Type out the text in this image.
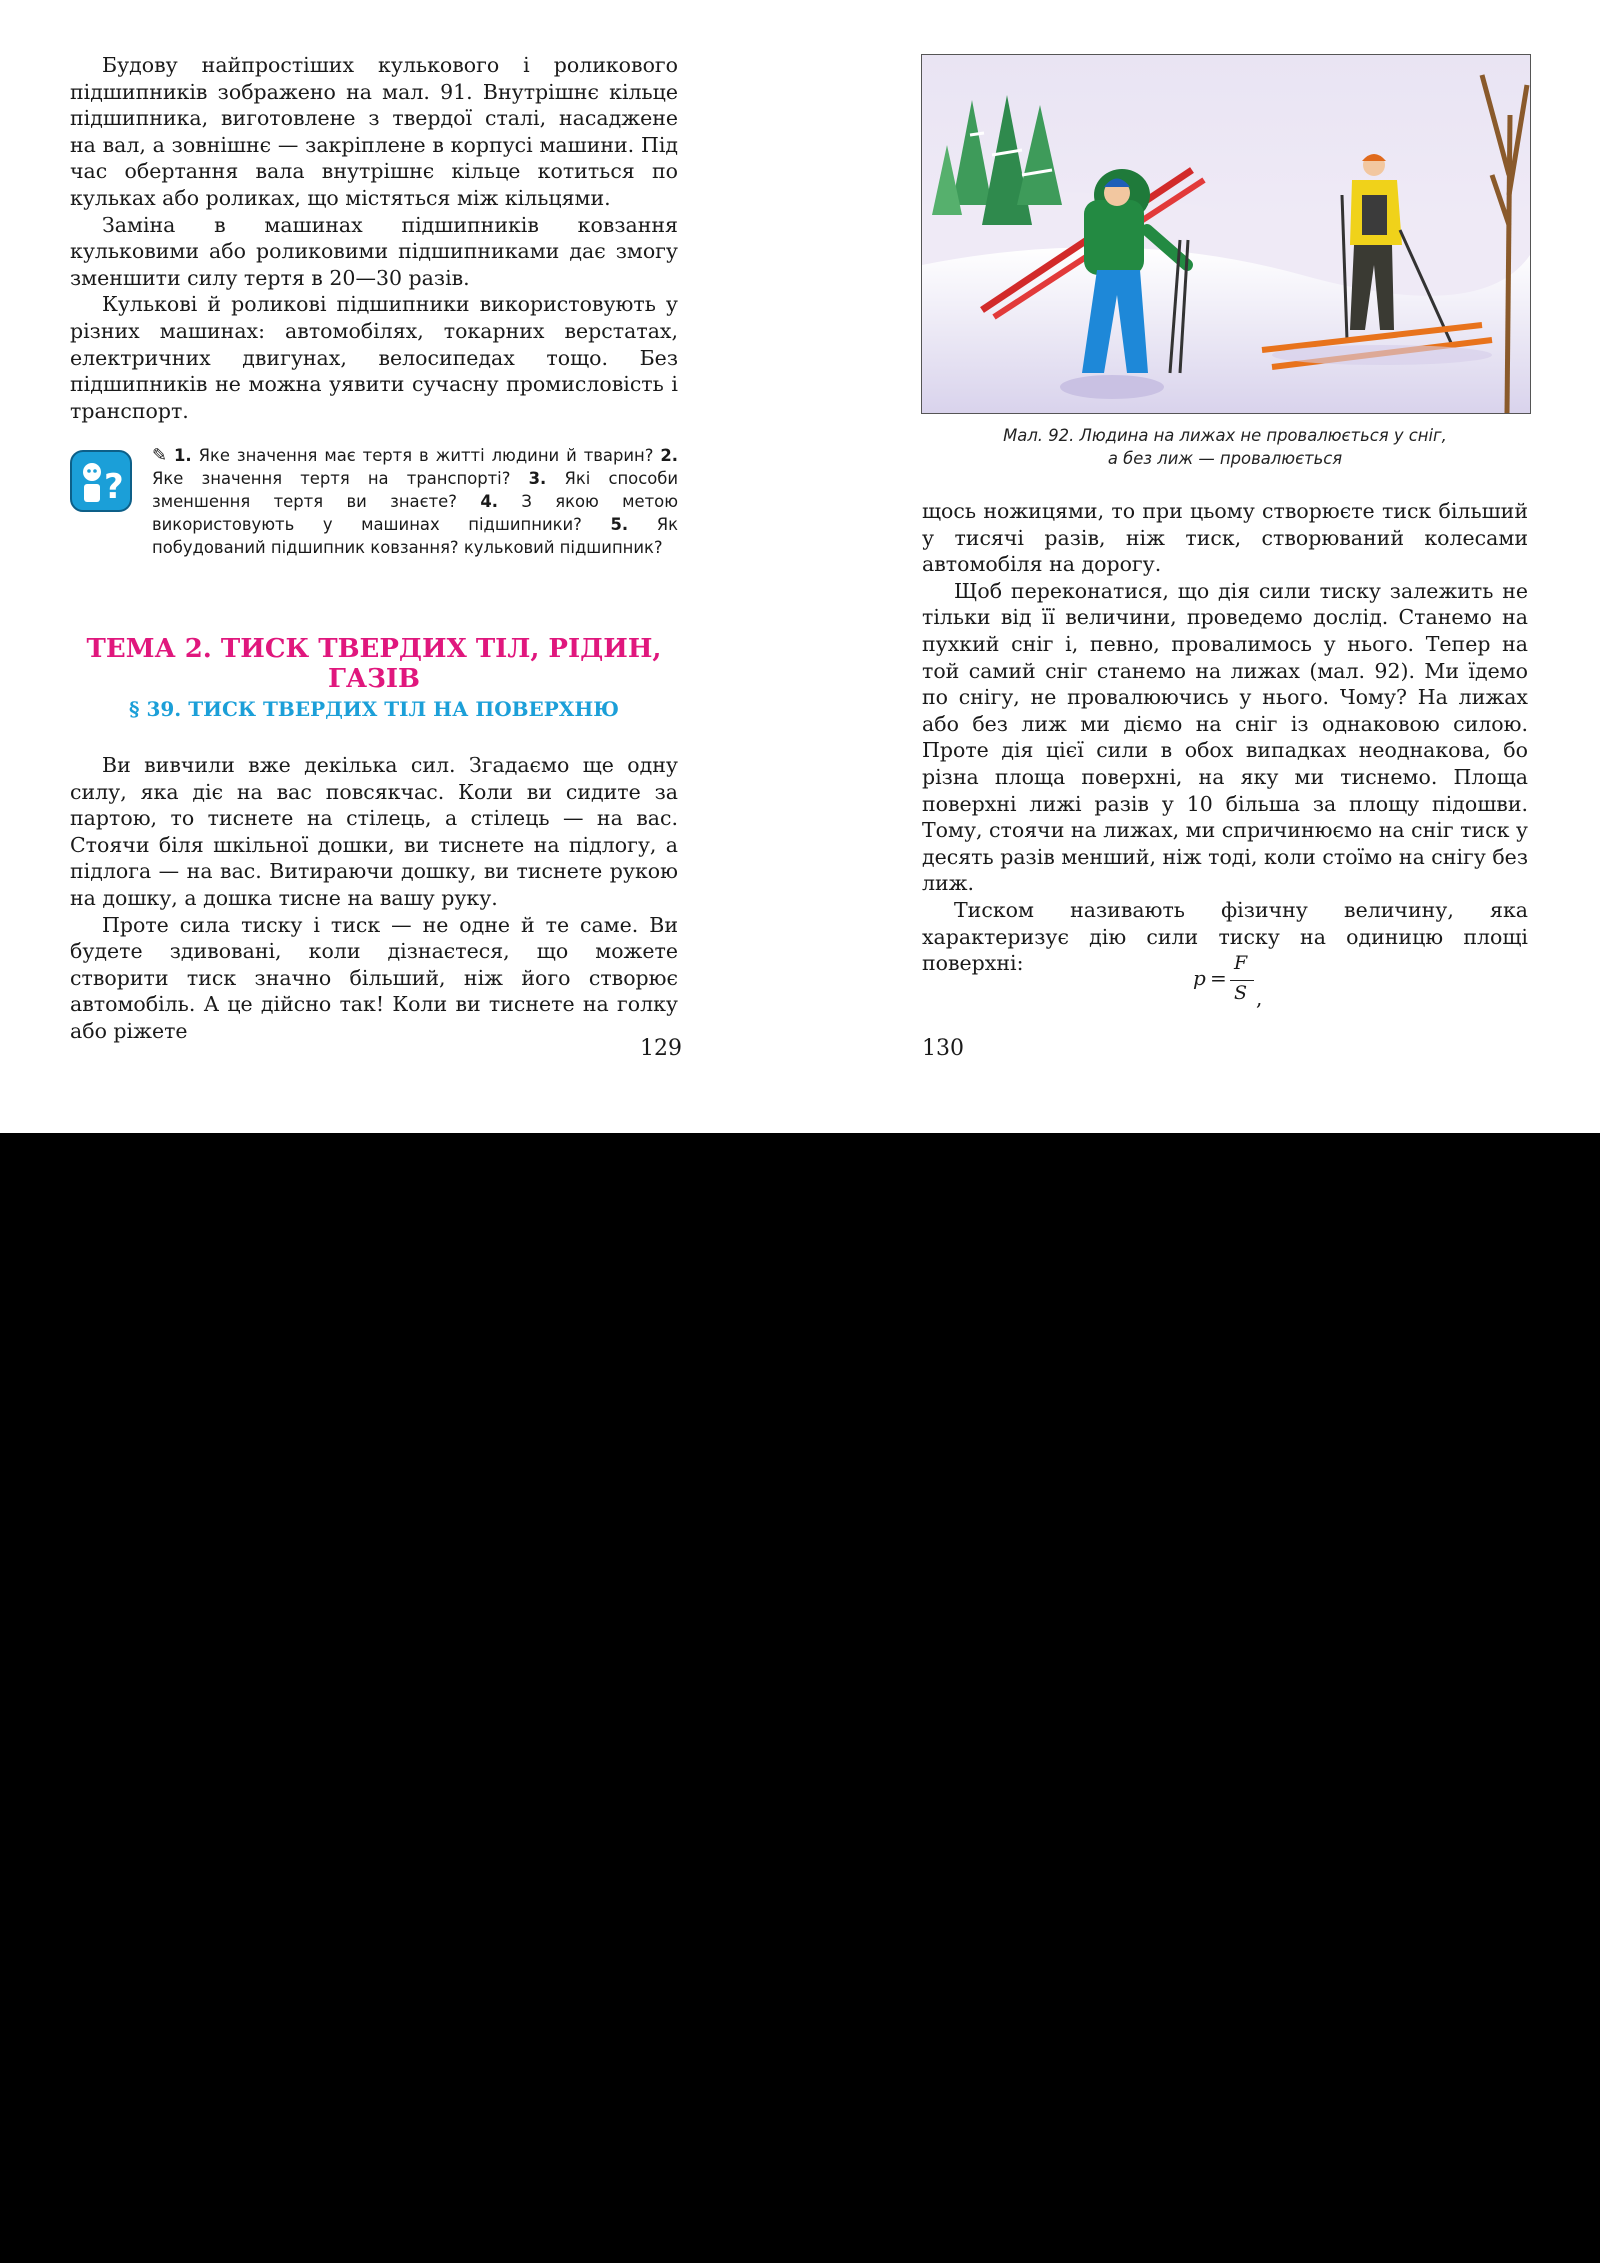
Будову найпростіших кулькового і роликового підшипників зображено на мал. 91. Внутрішнє кільце підшипника, виготовлене з твердої сталі, насаджене на вал, а зовнішнє — закріплене в корпусі машини. Під час обертання вала внутрішнє кільце котиться по кульках або роликах, що містяться між кільцями.

Заміна в машинах підшипників ковзання кульковими або роликовими підшипниками дає змогу зменшити силу тертя в 20—30 разів.

Кулькові й роликові підшипники використовують у різних машинах: автомобілях, токарних верстатах, електричних двигунах, велосипедах тощо. Без підшипників не можна уявити сучасну промисловість і транспорт.

?
✎ 1. Яке значення має тертя в житті людини й тварин? 2. Яке значення тертя на транспорті? 3. Які способи зменшення тертя ви знаєте? 4. З якою метою використовують у машинах підшипники? 5. Як побудований підшипник ковзання? кульковий підшипник?
ТЕМА 2. ТИСК ТВЕРДИХ ТІЛ, РІДИН, ГАЗІВ
§ 39. ТИСК ТВЕРДИХ ТІЛ НА ПОВЕРХНЮ

Ви вивчили вже декілька сил. Згадаємо ще одну силу, яка діє на вас повсякчас. Коли ви сидите за партою, то тиснете на стілець, а стілець — на вас. Стоячи біля шкільної дошки, ви тиснете на підлогу, а підлога — на вас. Витираючи дошку, ви тиснете рукою на дошку, а дошка тисне на вашу руку.

Проте сила тиску і тиск — не одне й те саме. Ви будете здивовані, коли дізнаєтеся, що можете створити тиск значно більший, ніж його створює автомобіль. А це дійсно так! Коли ви тиснете на голку або ріжете

129
Мал. 92. Людина на лижах не провалюється у сніг,
а без лиж — провалюється

щось ножицями, то при цьому створюєте тиск більший у тисячі разів, ніж тиск, створюваний колесами автомобіля на дорогу.

Щоб переконатися, що дія сили тиску залежить не тільки від її величини, проведемо дослід. Станемо на пухкий сніг і, певно, провалимось у нього. Тепер на той самий сніг станемо на лижах (мал. 92). Ми їдемо по снігу, не провалюючись у нього. Чому? На лижах або без лиж ми діємо на сніг із однаковою силою. Проте дія цієї сили в обох випадках неоднакова, бо різна площа поверхні, на яку ми тиснемо. Площа поверхні лижі разів у 10 більша за площу підошви. Тому, стоячи на лижах, ми спричинюємо на сніг тиск у десять разів менший, ніж тоді, коли стоїмо на снігу без лиж.

Тиском називають фізичну величину, яка характеризує дію сили тиску на одиницю площі поверхні:

p =
F
S ,
130
